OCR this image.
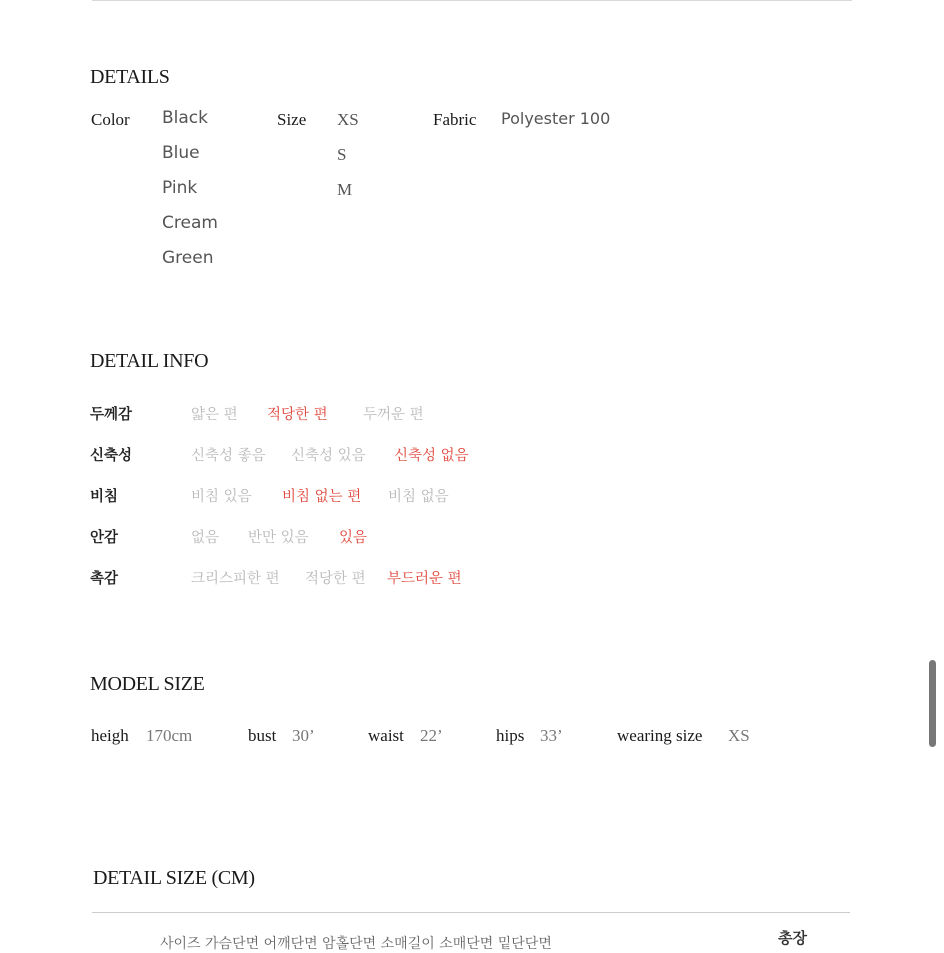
DETAILS
Color Black
Blue
Pink
Cream
Green
Size XS
S
M
Fabric Polyester 100
DETAIL INFO
두께감	얇은 편 적당한 편 두꺼운 편
신축성	신축성 좋음 신축성 있음 신축성 없음
비침	비침 있음 비침 없는 편 비침 없음
안감	없음 반만 있음 있음
촉감	크리스피한 편 적당한 편 부드러운 편
MODEL SIZE
heigh 170cm	bust 30’	waist 22’	hips 33’	wearing size XS
DETAIL SIZE (CM)
사이즈 가슴단면 어깨단면 암홀단면 소매길이 소매단면 밑단단면	총장
